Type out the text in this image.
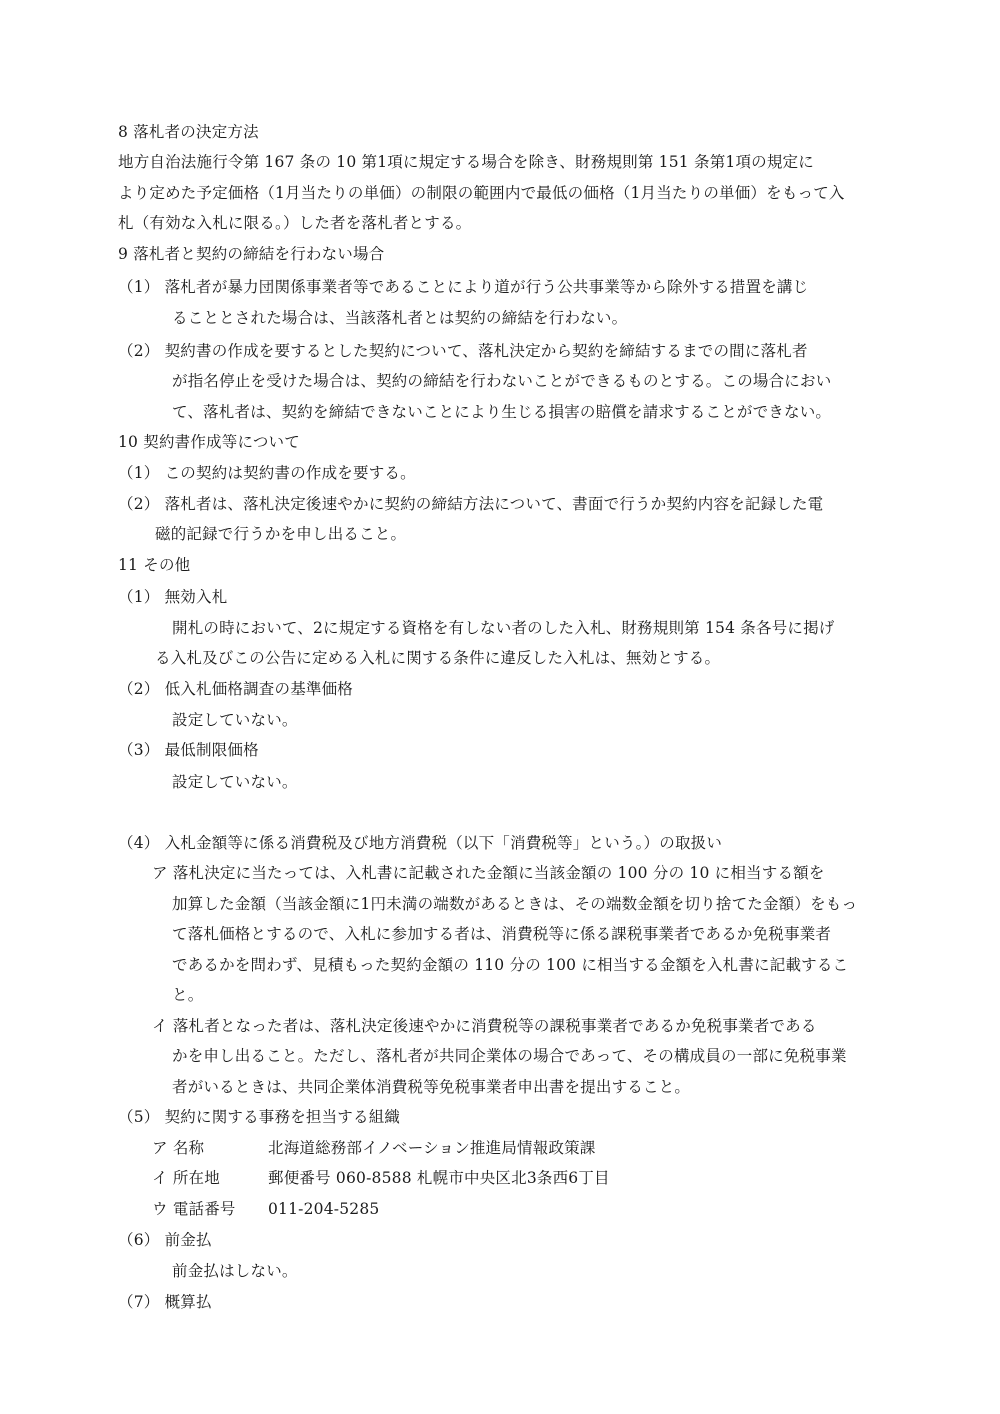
8 落札者の決定方法
地方自治法施行令第 167 条の 10 第1項に規定する場合を除き、財務規則第 151 条第1項の規定に
より定めた予定価格（1月当たりの単価）の制限の範囲内で最低の価格（1月当たりの単価）をもって入
札（有効な入札に限る。）した者を落札者とする。
9 落札者と契約の締結を行わない場合
（1） 落札者が暴力団関係事業者等であることにより道が行う公共事業等から除外する措置を講じ
ることとされた場合は、当該落札者とは契約の締結を行わない。
（2） 契約書の作成を要するとした契約について、落札決定から契約を締結するまでの間に落札者
が指名停止を受けた場合は、契約の締結を行わないことができるものとする。この場合におい
て、落札者は、契約を締結できないことにより生じる損害の賠償を請求することができない。
10 契約書作成等について
（1） この契約は契約書の作成を要する。
（2） 落札者は、落札決定後速やかに契約の締結方法について、書面で行うか契約内容を記録した電
磁的記録で行うかを申し出ること。
11 その他
（1） 無効入札
開札の時において、2に規定する資格を有しない者のした入札、財務規則第 154 条各号に掲げ
る入札及びこの公告に定める入札に関する条件に違反した入札は、無効とする。
（2） 低入札価格調査の基準価格
設定していない。
（3） 最低制限価格
設定していない。
（4） 入札金額等に係る消費税及び地方消費税（以下「消費税等」という。）の取扱い
ア 落札決定に当たっては、入札書に記載された金額に当該金額の 100 分の 10 に相当する額を
加算した金額（当該金額に1円未満の端数があるときは、その端数金額を切り捨てた金額）をもっ
て落札価格とするので、入札に参加する者は、消費税等に係る課税事業者であるか免税事業者
であるかを問わず、見積もった契約金額の 110 分の 100 に相当する金額を入札書に記載するこ
と。
イ 落札者となった者は、落札決定後速やかに消費税等の課税事業者であるか免税事業者である
かを申し出ること。ただし、落札者が共同企業体の場合であって、その構成員の一部に免税事業
者がいるときは、共同企業体消費税等免税事業者申出書を提出すること。
（5） 契約に関する事務を担当する組織
ア 名称	北海道総務部イノベーション推進局情報政策課
イ 所在地	郵便番号 060-8588 札幌市中央区北3条西6丁目
ウ 電話番号 011-204-5285
（6） 前金払
前金払はしない。
（7） 概算払
